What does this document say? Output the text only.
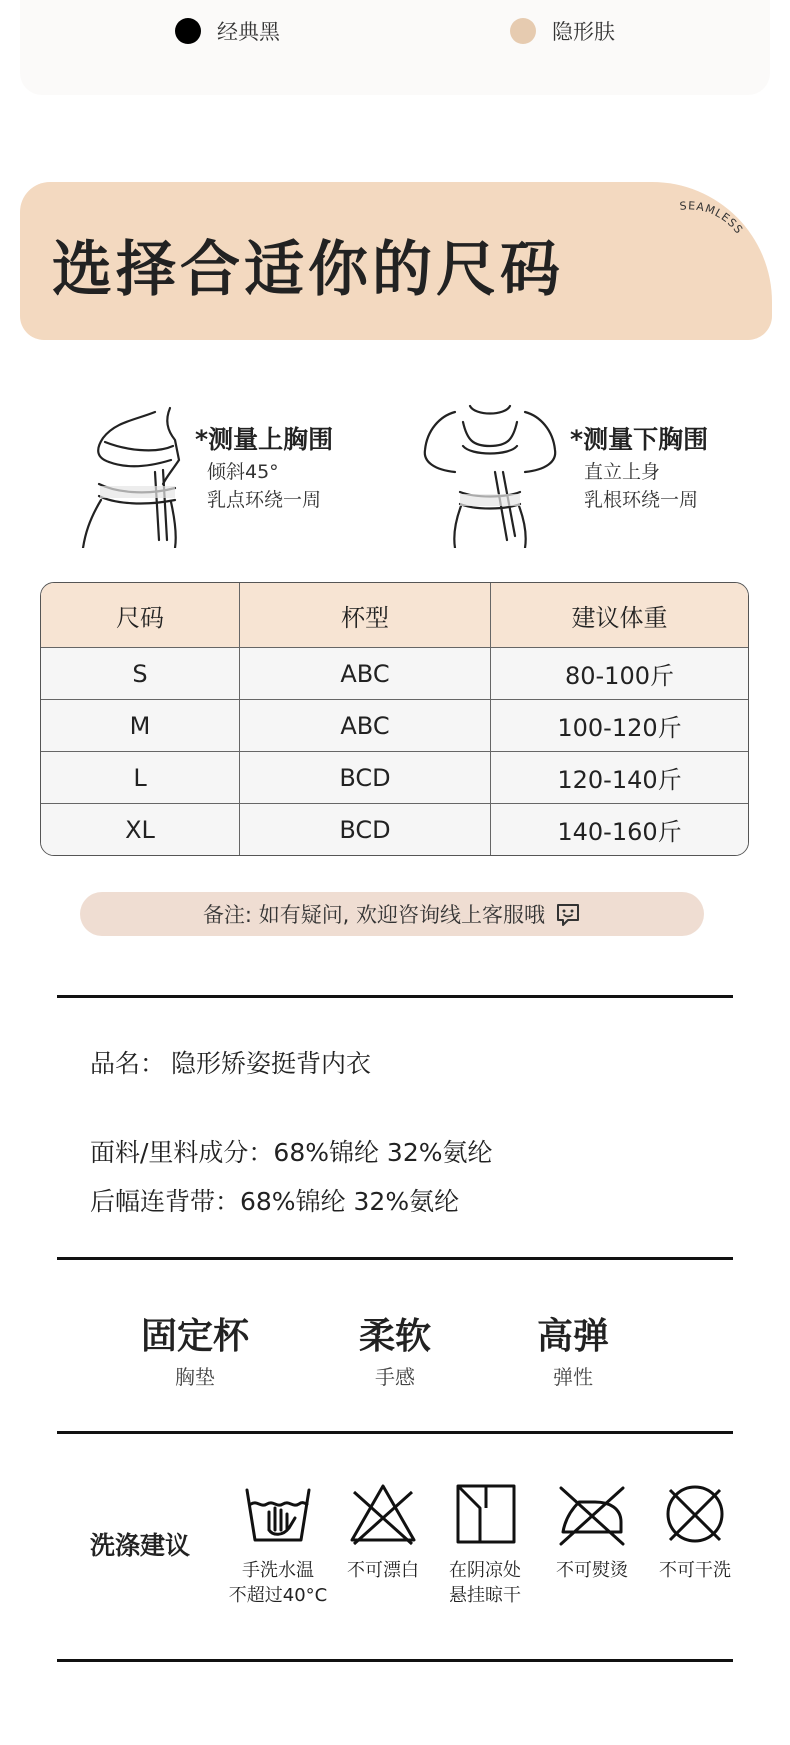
经典黑	隐形肤
选择合适你的尺码
SEAMLESS
*测量上胸围
倾斜45°
乳点环绕一周
*测量下胸围
直立上身
乳根环绕一周
尺码	杯型	建议体重
S	ABC	80-100斤
M	ABC	100-120斤
L	BCD	120-140斤
XL	BCD	140-160斤
备注: 如有疑问, 欢迎咨询线上客服哦
品名： 隐形矫姿挺背内衣
面料/里料成分：68%锦纶 32%氨纶
后幅连背带：68%锦纶 32%氨纶
固定杯
胸垫
柔软
手感
高弹
弹性
洗涤建议
手洗水温
不超过40°C
不可漂白	在阴凉处
悬挂晾干
不可熨烫	不可干洗
